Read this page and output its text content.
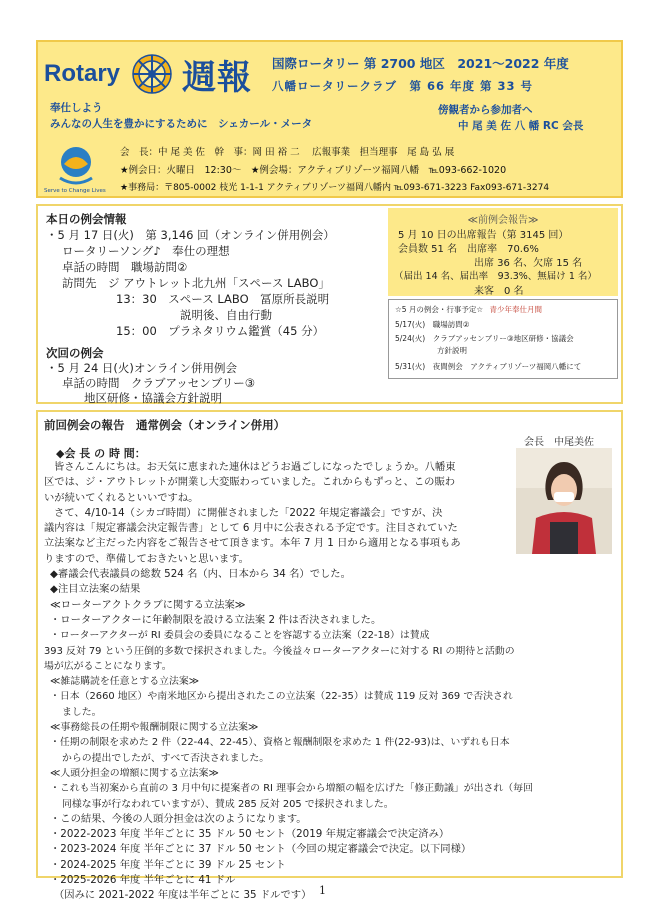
Rotary 週報 国際ロータリー 第 2700 地区　2021～2022 年度
八幡ロータリークラブ　第 66 年度 第 33 号
奉仕しよう
みんなの人生を豊かにするために　シェカール・メータ
傍観者から参加者へ
中 尾 美 佐 八 幡 RC 会長
Serve to Change Lives
会　長：中 尾 美 佐　幹　事：岡 田 裕 二　 広報事業　担当理事　尾 島 弘 展
★例会日：火曜日　12:30～　★例会場：アクティブリゾーツ福岡八幡　℡093-662-1020
★事務局：〒805-0002 枝光 1-1-1 アクティブリゾーツ福岡八幡内 ℡093-671-3223 Fax093-671-3274
本日の例会情報
・5 月 17 日(火)　第 3,146 回（オンライン併用例会）
ロータリーソング♪　奉仕の理想
卓話の時間　職場訪問②
訪問先　ジ アウトレット北九州「スペース LABO」
13：30　スペース LABO　冨原所長説明
説明後、自由行動
15：00　プラネタリウム鑑賞（45 分）
次回の例会
・5 月 24 日(火)オンライン併用例会
卓話の時間　クラブアッセンブリー③
地区研修・協議会方針説明
≪前例会報告≫
5 月 10 日の出席報告（第 3145 回）
会員数 51 名　出席率　70.6%
出席 36 名、欠席 15 名
（届出 14 名、届出率　93.3%、無届け 1 名）
来客　0 名
☆5 月の例会・行事予定☆ 青少年奉仕月間
5/17(火)　 職場訪問②
5/24(火)　 クラブアッセンブリー③地区研修・協議会
方針説明
5/31(火)　 夜間例会　アクティブリゾーツ福岡八幡にて
前回例会の報告　通常例会（オンライン併用）
会長　中尾美佐
◆会 長 の 時 間：
皆さんこんにちは。お天気に恵まれた連休はどうお過ごしになったでしょうか。八幡東
区では、ジ・アウトレットが開業し大変賑わっていました。これからもずっと、この賑わ
いが続いてくれるといいですね。
さて、4/10-14（シカゴ時間）に開催されました「2022 年規定審議会」ですが、決
議内容は「規定審議会決定報告書」として 6 月中に公表される予定です。注目されていた
立法案など主だった内容をご報告させて頂きます。本年 7 月 1 日から適用となる事項もあ
りますので、準備しておきたいと思います。
◆審議会代表議員の総数 524 名（内、日本から 34 名）でした。
◆注目立法案の結果
≪ローターアクトクラブに関する立法案≫
・ローターアクターに年齢制限を設ける立法案 2 件は否決されました。
・ローターアクターが RI 委員会の委員になることを容認する立法案（22-18）は賛成
393 反対 79 という圧倒的多数で採択されました。今後益々ローターアクターに対する RI の期待と活動の
場が広がることになります。
≪雑誌購読を任意とする立法案≫
・日本（2660 地区）や南米地区から提出されたこの立法案（22-35）は賛成 119 反対 369 で否決され
ました。
≪事務総長の任期や報酬制限に関する立法案≫
・任期の制限を求めた 2 件（22-44、22-45）、資格と報酬制限を求めた 1 件(22-93)は、いずれも日本
からの提出でしたが、すべて否決されました。
≪人頭分担金の増額に関する立法案≫
・これも当初案から直前の 3 月中旬に提案者の RI 理事会から増額の幅を広げた「修正動議」が出され（毎回
同様な事が行なわれていますが）、賛成 285 反対 205 で採択されました。
・この結果、今後の人頭分担金は次のようになります。
・2022-2023 年度 半年ごとに 35 ドル 50 セント（2019 年規定審議会で決定済み）
・2023-2024 年度 半年ごとに 37 ドル 50 セント（今回の規定審議会で決定。以下同様）
・2024-2025 年度 半年ごとに 39 ドル 25 セント
・2025-2026 年度 半年ごとに 41 ドル
（因みに 2021-2022 年度は半年ごとに 35 ドルです） 1
